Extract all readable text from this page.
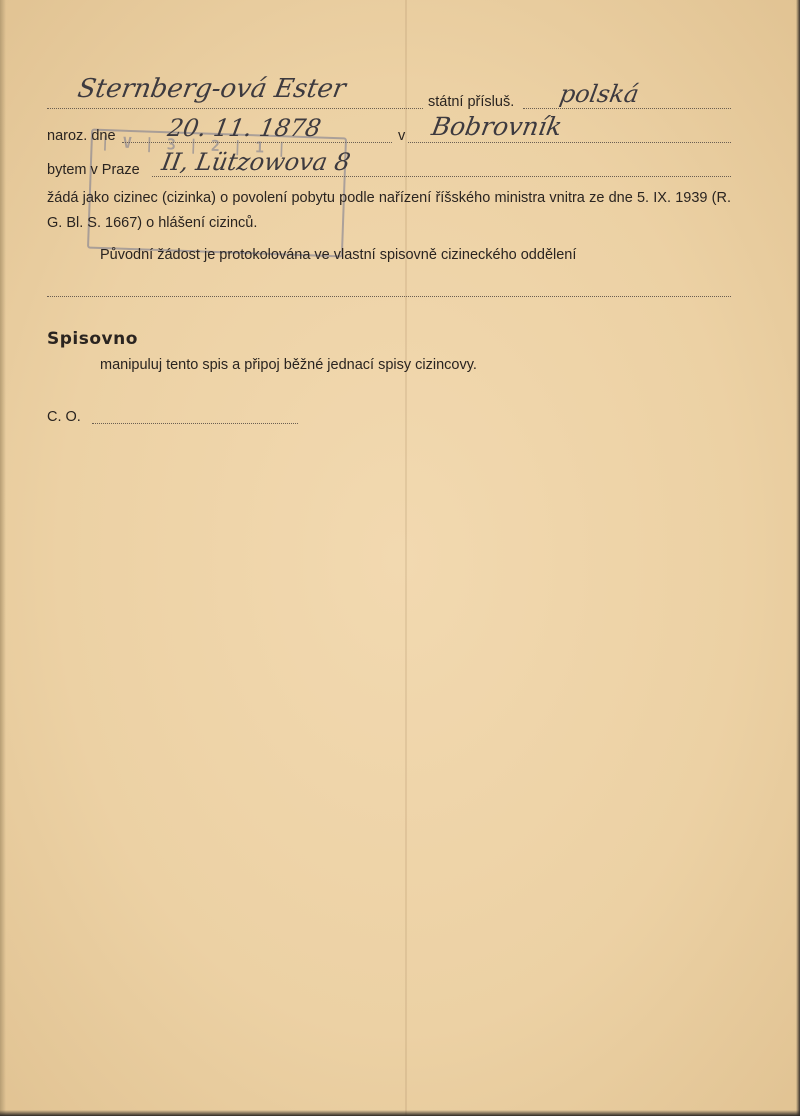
| V | 3 | 2 | 1 |
Sternberg-ová Ester	státní přísluš. polská
naroz. dne 20. 11. 1878	v Bobrovník
bytem v Praze II, Lützowova 8
žádá jako cizinec (cizinka) o povolení pobytu podle nařízení říšského ministra vnitra ze dne 5. IX. 1939 (R. G. Bl. S. 1667) o hlášení cizinců.
Původní žádost je protokolována ve vlastní spisovně cizineckého oddělení
Spisovno
manipuluj tento spis a připoj běžné jednací spisy cizincovy.
C. O.
